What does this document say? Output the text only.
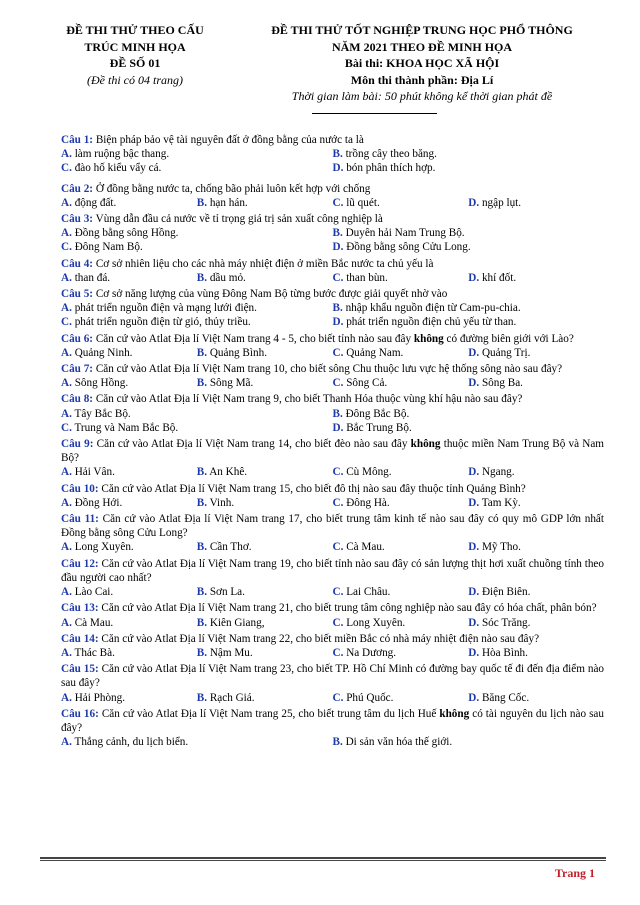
ĐỀ THI THỬ THEO CẤU
TRÚC MINH HỌA
ĐỀ SỐ 01
(Đề thi có 04 trang)
ĐỀ THI THỬ TỐT NGHIỆP TRUNG HỌC PHỔ THÔNG
NĂM 2021 THEO ĐỀ MINH HỌA
Bài thi: KHOA HỌC XÃ HỘI
Môn thi thành phần: Địa Lí
Thời gian làm bài: 50 phút không kể thời gian phát đề

Câu 1: Biện pháp bảo vệ tài nguyên đất ở đồng bằng của nước ta là

A. làm ruộng bậc thang.	B. trồng cây theo băng.
C. đào hố kiểu vẩy cá.	D. bón phân thích hợp.

Câu 2: Ở đồng bằng nước ta, chống bão phải luôn kết hợp với chống

A. động đất.	B. hạn hán.	C. lũ quét.	D. ngập lụt.

Câu 3: Vùng dẫn đầu cả nước về tỉ trọng giá trị sản xuất công nghiệp là

A. Đồng bằng sông Hồng.	B. Duyên hải Nam Trung Bộ.
C. Đông Nam Bộ.	D. Đồng bằng sông Cửu Long.

Câu 4: Cơ sở nhiên liệu cho các nhà máy nhiệt điện ở miền Bắc nước ta chủ yếu là

A. than đá.	B. dầu mỏ.	C. than bùn.	D. khí đốt.

Câu 5: Cơ sở năng lượng của vùng Đông Nam Bộ từng bước được giải quyết nhờ vào

A. phát triển nguồn điện và mạng lưới điện.	B. nhập khẩu nguồn điện từ Cam-pu-chia.
C. phát triển nguồn điện từ gió, thủy triều.	D. phát triển nguồn điện chủ yếu từ than.

Câu 6: Căn cứ vào Atlat Địa lí Việt Nam trang 4 - 5, cho biết tỉnh nào sau đây không có đường biên giới với Lào?

A. Quảng Ninh.	B. Quảng Bình.	C. Quảng Nam.	D. Quảng Trị.

Câu 7: Căn cứ vào Atlat Địa lí Việt Nam trang 10, cho biết sông Chu thuộc lưu vực hệ thống sông nào sau đây?

A. Sông Hồng.	B. Sông Mã.	C. Sông Cả.	D. Sông Ba.

Câu 8: Căn cứ vào Atlat Địa lí Việt Nam trang 9, cho biết Thanh Hóa thuộc vùng khí hậu nào sau đây?

A. Tây Bắc Bộ.	B. Đông Bắc Bộ.
C. Trung và Nam Bắc Bộ.	D. Bắc Trung Bộ.

Câu 9: Căn cứ vào Atlat Địa lí Việt Nam trang 14, cho biết đèo nào sau đây không thuộc miền Nam Trung Bộ và Nam Bộ?

A. Hải Vân.	B. An Khê.	C. Cù Mông.	D. Ngang.

Câu 10: Căn cứ vào Atlat Địa lí Việt Nam trang 15, cho biết đô thị nào sau đây thuộc tỉnh Quảng Bình?

A. Đồng Hới.	B. Vinh.	C. Đông Hà.	D. Tam Kỳ.

Câu 11: Căn cứ vào Atlat Địa lí Việt Nam trang 17, cho biết trung tâm kinh tế nào sau đây có quy mô GDP lớn nhất Đồng bằng sông Cửu Long?

A. Long Xuyên.	B. Cần Thơ.	C. Cà Mau.	D. Mỹ Tho.

Câu 12: Căn cứ vào Atlat Địa lí Việt Nam trang 19, cho biết tỉnh nào sau đây có sản lượng thịt hơi xuất chuồng tính theo đầu người cao nhất?

A. Lào Cai.	B. Sơn La.	C. Lai Châu.	D. Điện Biên.

Câu 13: Căn cứ vào Atlat Địa lí Việt Nam trang 21, cho biết trung tâm công nghiệp nào sau đây có hóa chất, phân bón?

A. Cà Mau.	B. Kiên Giang,	C. Long Xuyên.	D. Sóc Trăng.

Câu 14: Căn cứ vào Atlat Địa lí Việt Nam trang 22, cho biết miền Bắc có nhà máy nhiệt điện nào sau đây?

A. Thác Bà.	B. Nậm Mu.	C. Na Dương.	D. Hòa Bình.

Câu 15: Căn cứ vào Atlat Địa lí Việt Nam trang 23, cho biết TP. Hồ Chí Minh có đường bay quốc tế đi đến địa điểm nào sau đây?

A. Hải Phòng.	B. Rạch Giá.	C. Phú Quốc.	D. Băng Cốc.

Câu 16: Căn cứ vào Atlat Địa lí Việt Nam trang 25, cho biết trung tâm du lịch Huế không có tài nguyên du lịch nào sau đây?

A. Thắng cảnh, du lịch biển.	B. Di sản văn hóa thế giới.
Trang 1
